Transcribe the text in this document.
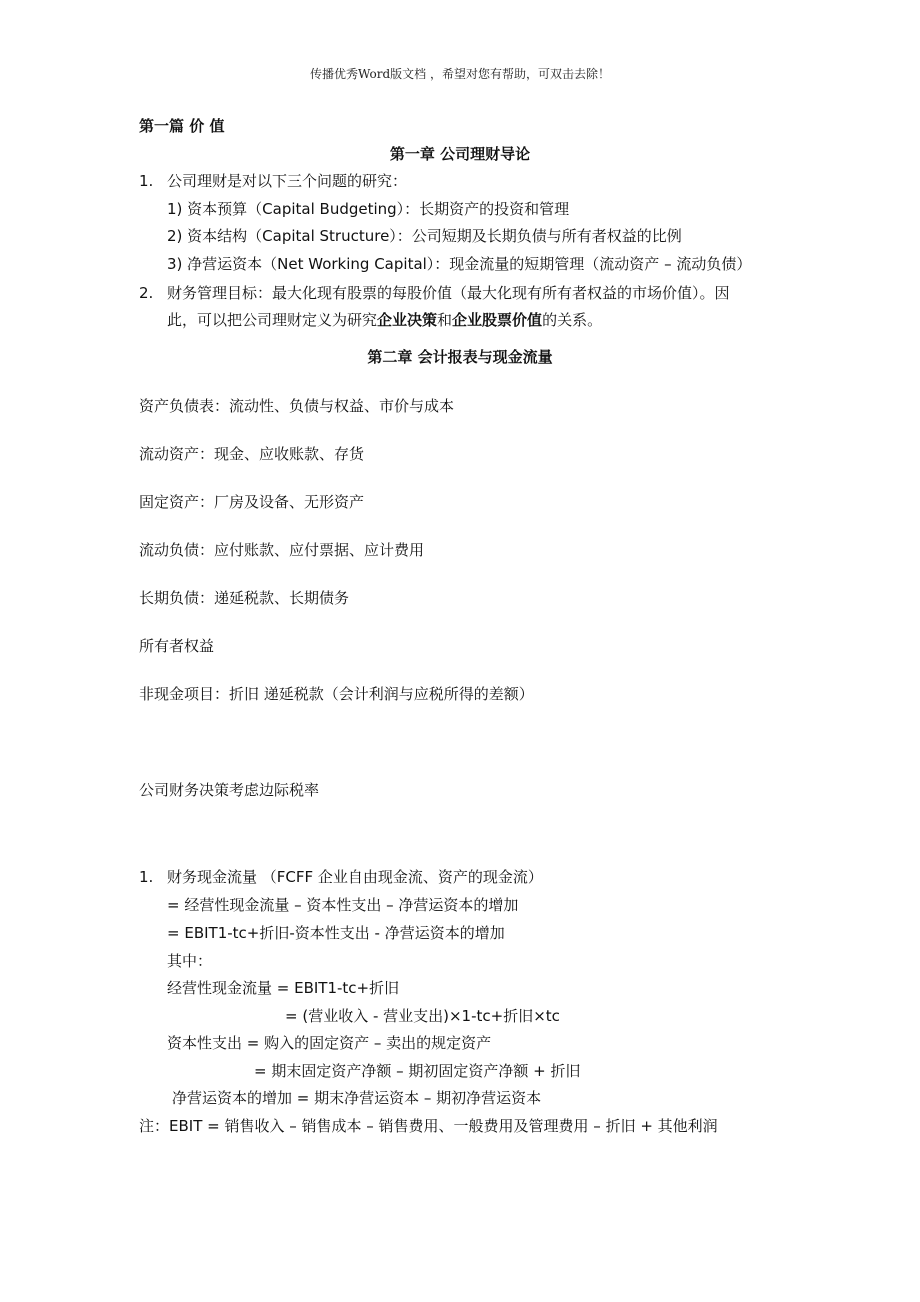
传播优秀Word版文档 ，希望对您有帮助，可双击去除！
第一篇 价 值
第一章 公司理财导论
1. 公司理财是对以下三个问题的研究：
1) 资本预算（Capital Budgeting）：长期资产的投资和管理
2) 资本结构（Capital Structure）：公司短期及长期负债与所有者权益的比例
3) 净营运资本（Net Working Capital）：现金流量的短期管理（流动资产 – 流动负债）
2. 财务管理目标：最大化现有股票的每股价值（最大化现有所有者权益的市场价值）。因
此，可以把公司理财定义为研究企业决策和企业股票价值的关系。
第二章 会计报表与现金流量
资产负债表：流动性、负债与权益、市价与成本
流动资产：现金、应收账款、存货
固定资产：厂房及设备、无形资产
流动负债：应付账款、应付票据、应计费用
长期负债：递延税款、长期债务
所有者权益
非现金项目：折旧 递延税款（会计利润与应税所得的差额）
公司财务决策考虑边际税率
1. 财务现金流量 （FCFF 企业自由现金流、资产的现金流）
= 经营性现金流量 – 资本性支出 – 净营运资本的增加
= EBIT1-tc+折旧-资本性支出 - 净营运资本的增加
其中：
经营性现金流量 = EBIT1-tc+折旧
= (营业收入 - 营业支出)×1-tc+折旧×tc
资本性支出 = 购入的固定资产 – 卖出的规定资产
= 期末固定资产净额 – 期初固定资产净额 + 折旧
净营运资本的增加 = 期末净营运资本 – 期初净营运资本
注：EBIT = 销售收入 – 销售成本 – 销售费用、一般费用及管理费用 – 折旧 + 其他利润
